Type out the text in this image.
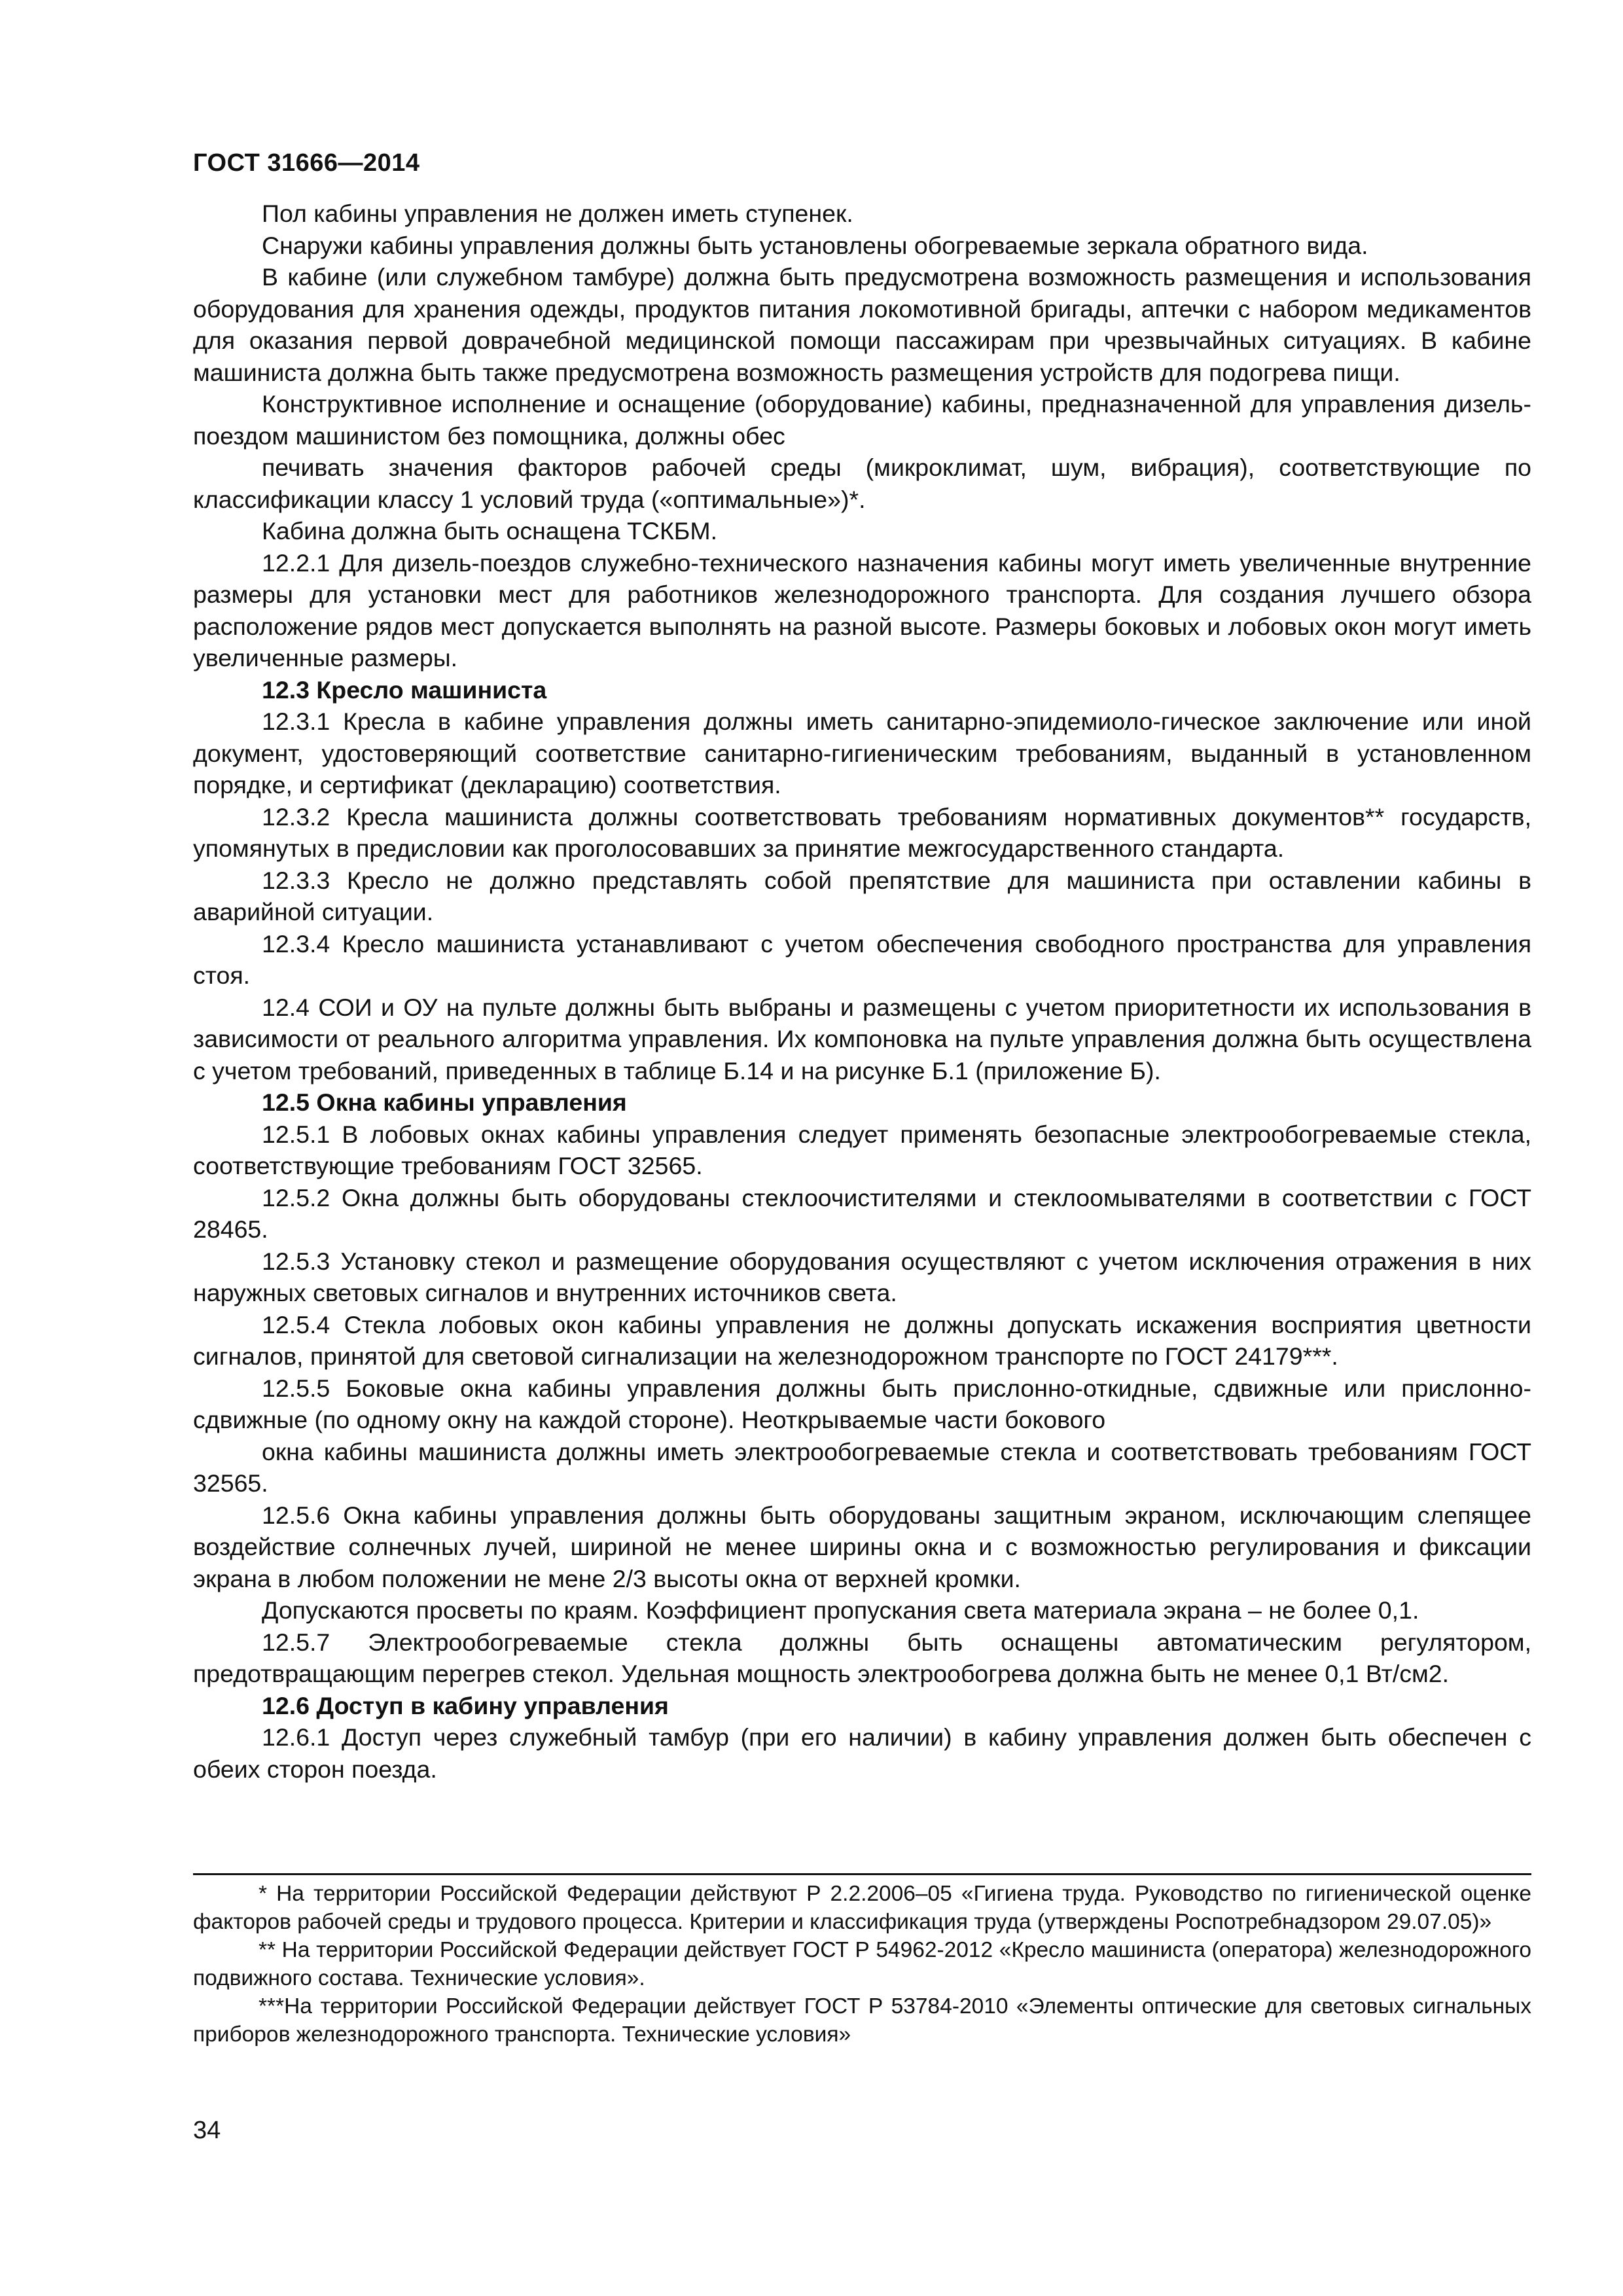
ГОСТ 31666—2014

Пол кабины управления не должен иметь ступенек.

Снаружи кабины управления должны быть установлены обогреваемые зеркала обратного вида.

В кабине (или служебном тамбуре) должна быть предусмотрена возможность размещения и использования оборудования для хранения одежды, продуктов питания локомотивной бригады, аптечки с набором медикаментов для оказания первой доврачебной медицинской помощи пассажирам при чрезвычайных ситуациях. В кабине машиниста должна быть также предусмотрена возможность размещения устройств для подогрева пищи.

Конструктивное исполнение и оснащение (оборудование) кабины, предназначенной для управления дизель-поездом машинистом без помощника, должны обес

печивать значения факторов рабочей среды (микроклимат, шум, вибрация), соответствующие по классификации классу 1 условий труда («оптимальные»)*.

Кабина должна быть оснащена ТСКБМ.

12.2.1 Для дизель-поездов служебно-технического назначения кабины могут иметь увеличенные внутренние размеры для установки мест для работников железнодорожного транспорта. Для создания лучшего обзора расположение рядов мест допускается выполнять на разной высоте. Размеры боковых и лобовых окон могут иметь увеличенные размеры.

12.3 Кресло машиниста

12.3.1 Кресла в кабине управления должны иметь санитарно-эпидемиоло-гическое заключение или иной документ, удостоверяющий соответствие санитарно-гигиеническим требованиям, выданный в установленном порядке, и сертификат (декларацию) соответствия.

12.3.2 Кресла машиниста должны соответствовать требованиям нормативных документов** государств, упомянутых в предисловии как проголосовавших за принятие межгосударственного стандарта.

12.3.3 Кресло не должно представлять собой препятствие для машиниста при оставлении кабины в аварийной ситуации.

12.3.4 Кресло машиниста устанавливают с учетом обеспечения свободного пространства для управления стоя.

12.4 СОИ и ОУ на пульте должны быть выбраны и размещены с учетом приоритетности их использования в зависимости от реального алгоритма управления. Их компоновка на пульте управления должна быть осуществлена с учетом требований, приведенных в таблице Б.14 и на рисунке Б.1 (приложение Б).

12.5 Окна кабины управления

12.5.1 В лобовых окнах кабины управления следует применять безопасные электрообогреваемые стекла, соответствующие требованиям ГОСТ 32565.

12.5.2 Окна должны быть оборудованы стеклоочистителями и стеклоомывателями в соответствии с ГОСТ 28465.

12.5.3 Установку стекол и размещение оборудования осуществляют с учетом исключения отражения в них наружных световых сигналов и внутренних источников света.

12.5.4 Стекла лобовых окон кабины управления не должны допускать искажения восприятия цветности сигналов, принятой для световой сигнализации на железнодорожном транспорте по ГОСТ 24179***.

12.5.5 Боковые окна кабины управления должны быть прислонно-откидные, сдвижные или прислонно-сдвижные (по одному окну на каждой стороне). Неоткрываемые части бокового

окна кабины машиниста должны иметь электрообогреваемые стекла и соответствовать требованиям ГОСТ 32565.

12.5.6 Окна кабины управления должны быть оборудованы защитным экраном, исключающим слепящее воздействие солнечных лучей, шириной не менее ширины окна и с возможностью регулирования и фиксации экрана в любом положении не мене 2/3 высоты окна от верхней кромки.

Допускаются просветы по краям. Коэффициент пропускания света материала экрана – не более 0,1.

12.5.7 Электрообогреваемые стекла должны быть оснащены автоматическим регулятором, предотвращающим перегрев стекол. Удельная мощность электрообогрева должна быть не менее 0,1 Вт/см2.

12.6 Доступ в кабину управления

12.6.1 Доступ через служебный тамбур (при его наличии) в кабину управления должен быть обеспечен с обеих сторон поезда.

* На территории Российской Федерации действуют Р 2.2.2006–05 «Гигиена труда. Руководство по гигиенической оценке факторов рабочей среды и трудового процесса. Критерии и классификация труда (утверждены Роспотребнадзором 29.07.05)»

** На территории Российской Федерации действует ГОСТ Р 54962-2012 «Кресло машиниста (оператора) железнодорожного подвижного состава. Технические условия».

***На территории Российской Федерации действует ГОСТ Р 53784-2010 «Элементы оптические для световых сигнальных приборов железнодорожного транспорта. Технические условия»

34
